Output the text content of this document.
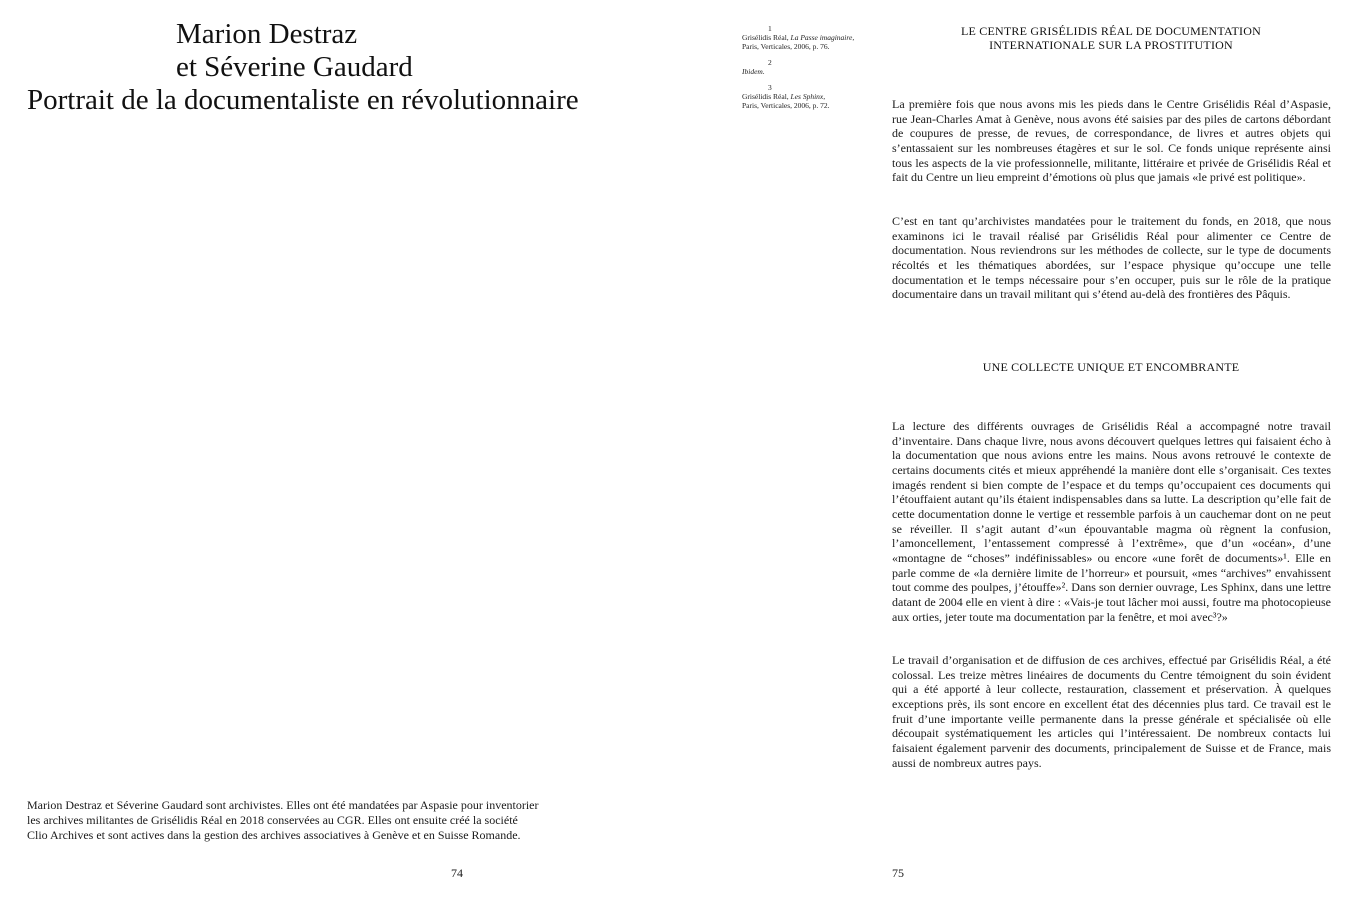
Marion Destraz
et Séverine Gaudard
Portrait de la documentaliste en révolutionnaire
Marion Destraz et Séverine Gaudard sont archivistes. Elles ont été mandatées par Aspasie pour inventorier
les archives militantes de Grisélidis Réal en 2018 conservées au CGR. Elles ont ensuite créé la société
Clio Archives et sont actives dans la gestion des archives associatives à Genève et en Suisse Romande.
74
1
Grisélidis Réal, La Passe imaginaire,
Paris, Verticales, 2006, p. 76.
2
Ibidem.
3
Grisélidis Réal, Les Sphinx,
Paris, Verticales, 2006, p. 72.
LE CENTRE GRISÉLIDIS RÉAL DE DOCUMENTATION
INTERNATIONALE SUR LA PROSTITUTION

La première fois que nous avons mis les pieds dans le Centre Grisélidis Réal d’Aspasie, rue Jean-Charles Amat à Genève, nous avons été saisies par des piles de cartons débordant de coupures de presse, de revues, de correspondance, de livres et autres objets qui s’entassaient sur les nombreuses étagères et sur le sol. Ce fonds unique représente ainsi tous les aspects de la vie professionnelle, militante, littéraire et privée de Grisélidis Réal et fait du Centre un lieu empreint d’émotions où plus que jamais «le privé est politique».

C’est en tant qu’archivistes mandatées pour le traitement du fonds, en 2018, que nous examinons ici le travail réalisé par Grisélidis Réal pour alimenter ce Centre de documentation. Nous reviendrons sur les méthodes de collecte, sur le type de documents récoltés et les thématiques abordées, sur l’espace physique qu’occupe une telle documentation et le temps nécessaire pour s’en occuper, puis sur le rôle de la pratique documentaire dans un travail militant qui s’étend au-delà des frontières des Pâquis.

UNE COLLECTE UNIQUE ET ENCOMBRANTE

La lecture des différents ouvrages de Grisélidis Réal a accompagné notre travail d’inventaire. Dans chaque livre, nous avons découvert quelques lettres qui faisaient écho à la documentation que nous avions entre les mains. Nous avons retrouvé le contexte de certains documents cités et mieux appréhendé la manière dont elle s’organisait. Ces textes imagés rendent si bien compte de l’espace et du temps qu’occupaient ces documents qui l’étouffaient autant qu’ils étaient indispensables dans sa lutte. La description qu’elle fait de cette documentation donne le vertige et ressemble parfois à un cauchemar dont on ne peut se réveiller. Il s’agit autant d’«un épouvantable magma où règnent la confusion, l’amoncellement, l’entassement compressé à l’extrême», que d’un «océan», d’une «montagne de “choses” indéfinissables» ou encore «une forêt de documents»¹. Elle en parle comme de «la dernière limite de l’horreur» et poursuit, «mes “archives” envahissent tout comme des poulpes, j’étouffe»². Dans son dernier ouvrage, Les Sphinx, dans une lettre datant de 2004 elle en vient à dire : «Vais-je tout lâcher moi aussi, foutre ma photocopieuse aux orties, jeter toute ma documentation par la fenêtre, et moi avec³?»

Le travail d’organisation et de diffusion de ces archives, effectué par Grisélidis Réal, a été colossal. Les treize mètres linéaires de documents du Centre témoignent du soin évident qui a été apporté à leur collecte, restauration, classement et préservation. À quelques exceptions près, ils sont encore en excellent état des décennies plus tard. Ce travail est le fruit d’une importante veille permanente dans la presse générale et spécialisée où elle découpait systématiquement les articles qui l’intéressaient. De nombreux contacts lui faisaient également parvenir des documents, principalement de Suisse et de France, mais aussi de nombreux autres pays.

75
